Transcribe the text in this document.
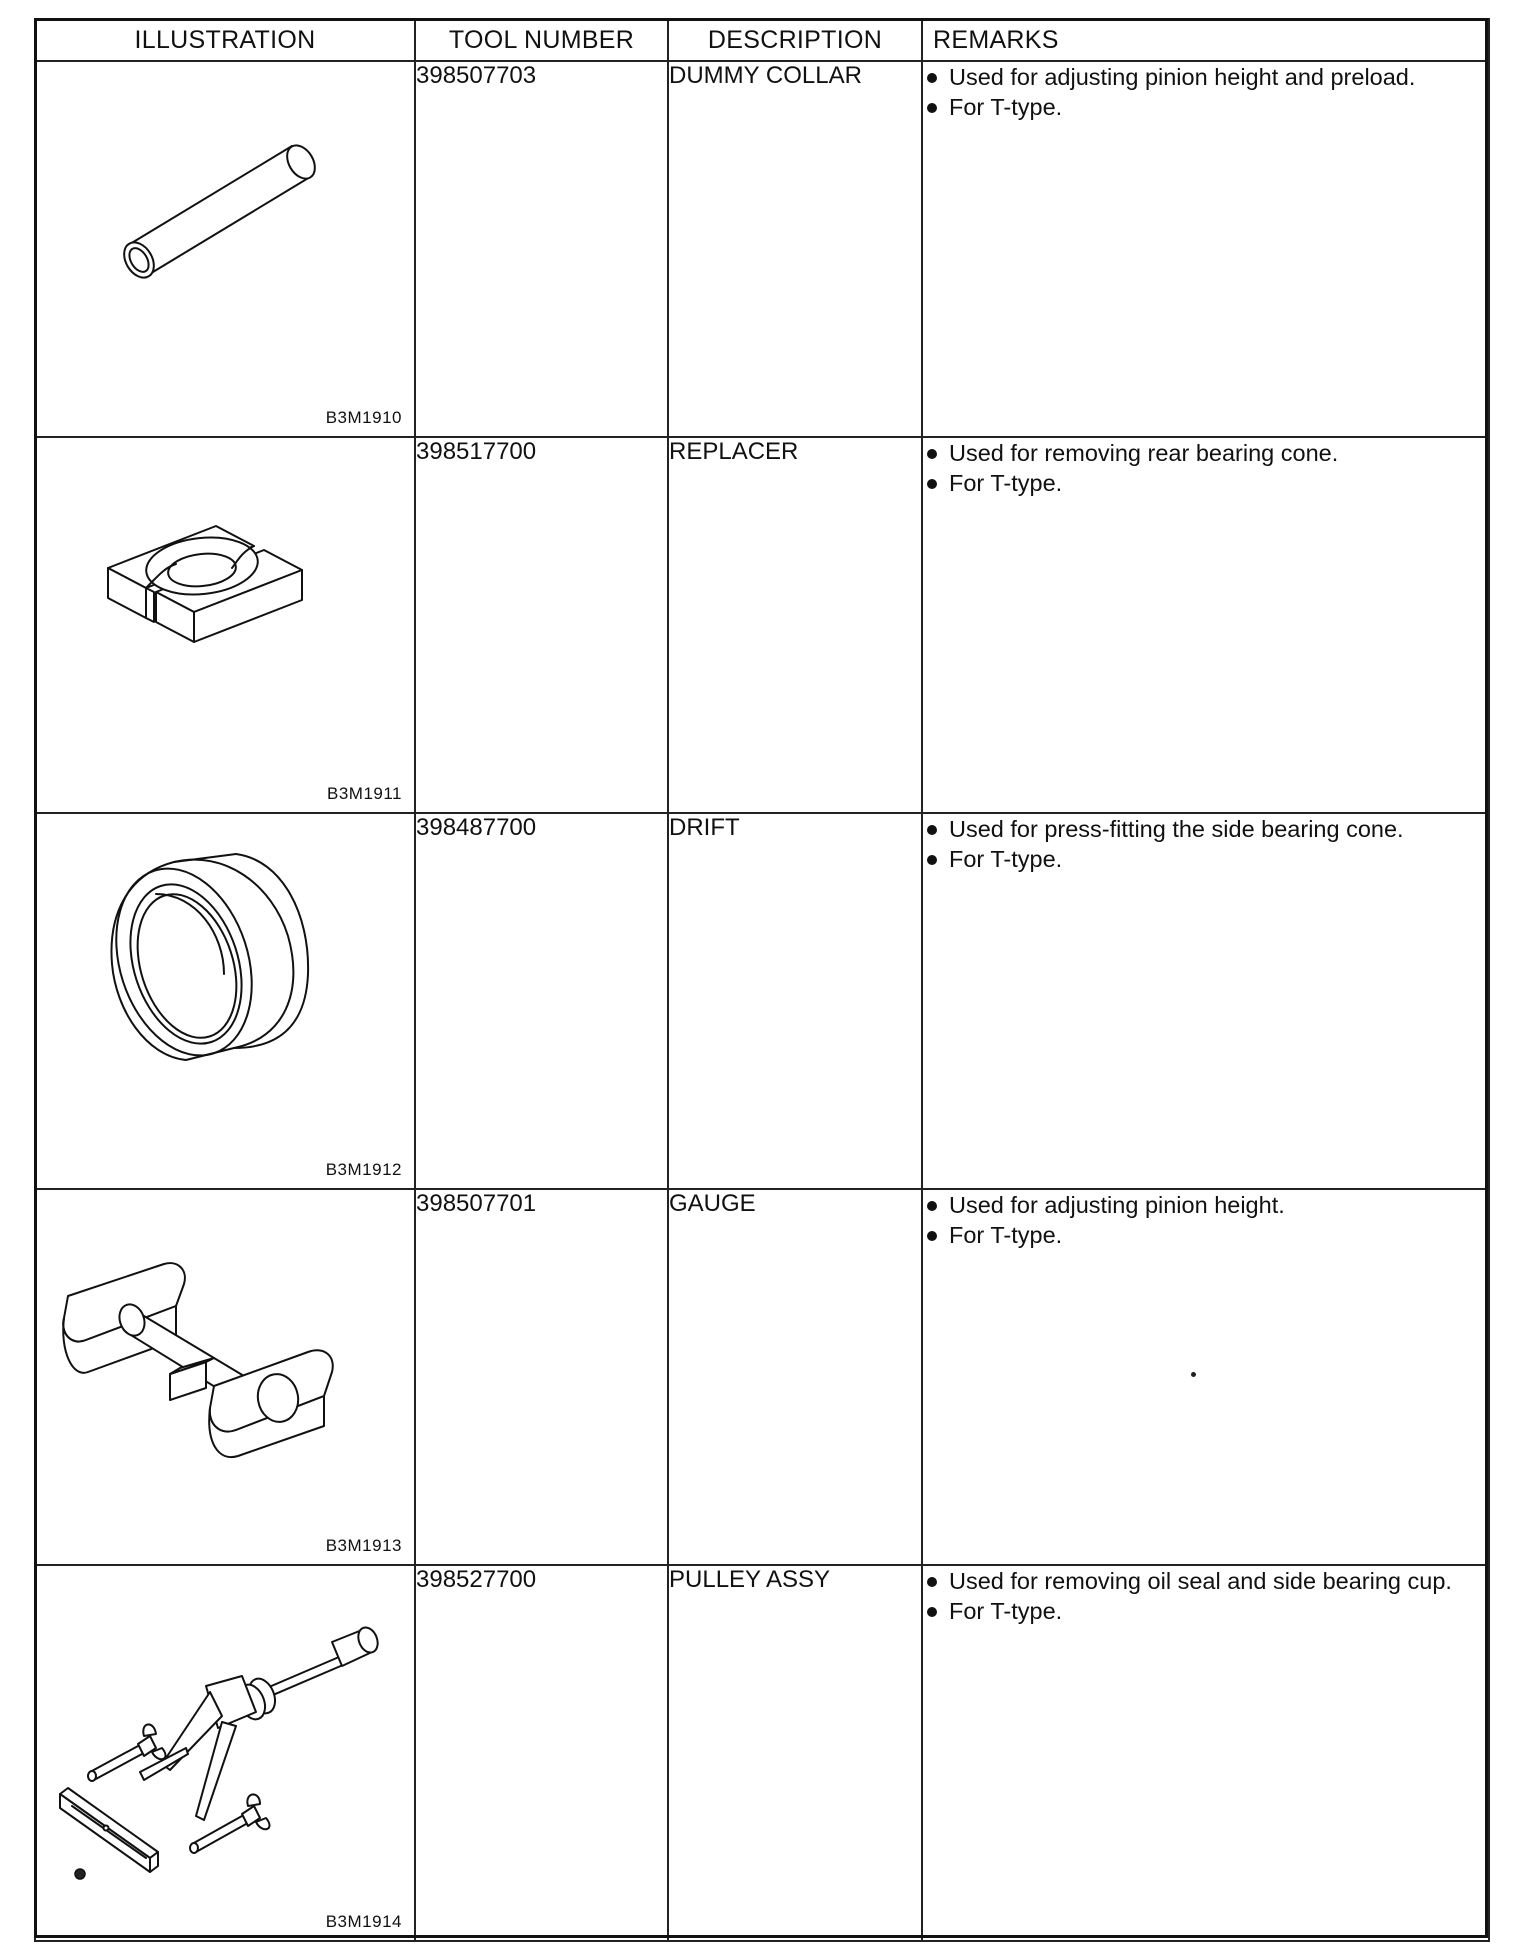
ILLUSTRATION	TOOL NUMBER	DESCRIPTION	REMARKS

B3M1910	398507703	DUMMY COLLAR	Used for adjusting pinion height and preload.
For T-type.

B3M1911	398517700	REPLACER	Used for removing rear bearing cone.
For T-type.

B3M1912	398487700	DRIFT	Used for press-fitting the side bearing cone.
For T-type.

B3M1913	398507701	GAUGE	Used for adjusting pinion height.
For T-type.

B3M1914	398527700	PULLEY ASSY	Used for removing oil seal and side bearing cup.
For T-type.
